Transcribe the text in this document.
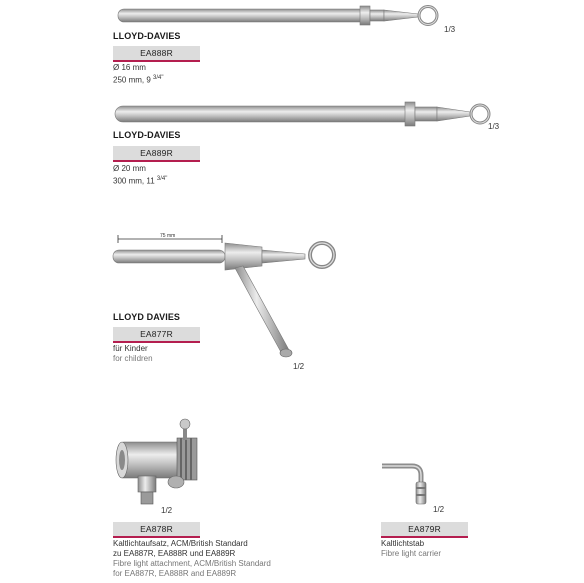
1/3
LLOYD-DAVIES
EA888R
Ø 16 mm
250 mm, 9 $^{3/4"}$
1/3
LLOYD-DAVIES
EA889R
Ø 20 mm
300 mm, 11 $^{3/4"}$
75 mm
1/2
LLOYD DAVIES
EA877R
für Kinder
for children
1/2
EA878R
Kaltlichtaufsatz, ACM/British Standard
zu EA887R, EA888R und EA889R
Fibre light attachment, ACM/British Standard
for EA887R, EA888R and EA889R
1/2
EA879R
Kaltlichtstab
Fibre light carrier
